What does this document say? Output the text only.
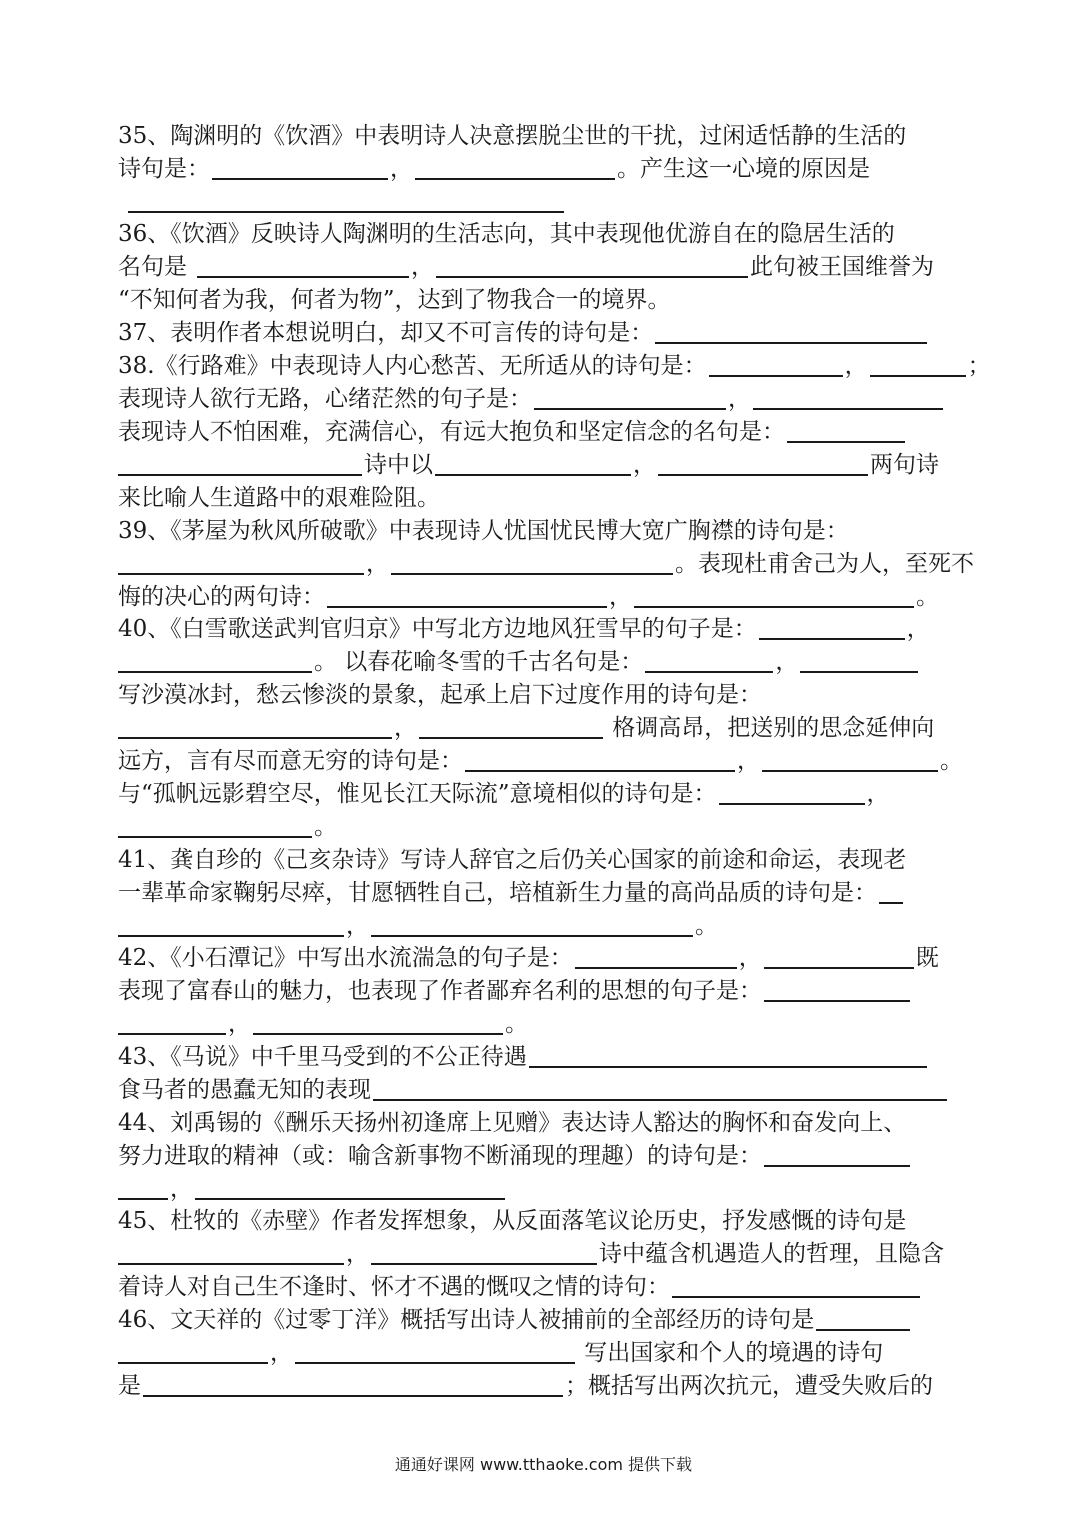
35、陶渊明的《饮酒》中表明诗人决意摆脱尘世的干扰，过闲适恬静的生活的
诗句是：	，	。产生这一心境的原因是
36、《饮酒》反映诗人陶渊明的生活志向，其中表现他优游自在的隐居生活的
名句是	，	此句被王国维誉为
“不知何者为我，何者为物”，达到了物我合一的境界。
37、表明作者本想说明白，却又不可言传的诗句是：
38.《行路难》中表现诗人内心愁苦、无所适从的诗句是：	，	；
表现诗人欲行无路，心绪茫然的句子是：	，
表现诗人不怕困难，充满信心，有远大抱负和坚定信念的名句是：
诗中以	，	两句诗
来比喻人生道路中的艰难险阻。
39、《茅屋为秋风所破歌》中表现诗人忧国忧民博大宽广胸襟的诗句是：
，	。表现杜甫舍己为人，至死不
悔的决心的两句诗：	，	。
40、《白雪歌送武判官归京》中写北方边地风狂雪早的句子是：	，
。 以春花喻冬雪的千古名句是：	，
写沙漠冰封，愁云惨淡的景象，起承上启下过度作用的诗句是：
，	格调高昂，把送别的思念延伸向
远方，言有尽而意无穷的诗句是：	，	。
与“孤帆远影碧空尽，惟见长江天际流”意境相似的诗句是：	，
。
41、龚自珍的《己亥杂诗》写诗人辞官之后仍关心国家的前途和命运，表现老
一辈革命家鞠躬尽瘁，甘愿牺牲自己，培植新生力量的高尚品质的诗句是：
，	。
42、《小石潭记》中写出水流湍急的句子是：	，	既
表现了富春山的魅力，也表现了作者鄙弃名利的思想的句子是：
，	。
43、《马说》中千里马受到的不公正待遇
食马者的愚蠢无知的表现
44、刘禹锡的《酬乐天扬州初逢席上见赠》表达诗人豁达的胸怀和奋发向上、
努力进取的精神（或：喻含新事物不断涌现的理趣）的诗句是：
，
45、杜牧的《赤壁》作者发挥想象，从反面落笔议论历史，抒发感慨的诗句是
，	诗中蕴含机遇造人的哲理，且隐含
着诗人对自己生不逢时、怀才不遇的慨叹之情的诗句：
46、文天祥的《过零丁洋》概括写出诗人被捕前的全部经历的诗句是
，	写出国家和个人的境遇的诗句
是	；概括写出两次抗元，遭受失败后的
通通好课网 www.tthaoke.com 提供下载
